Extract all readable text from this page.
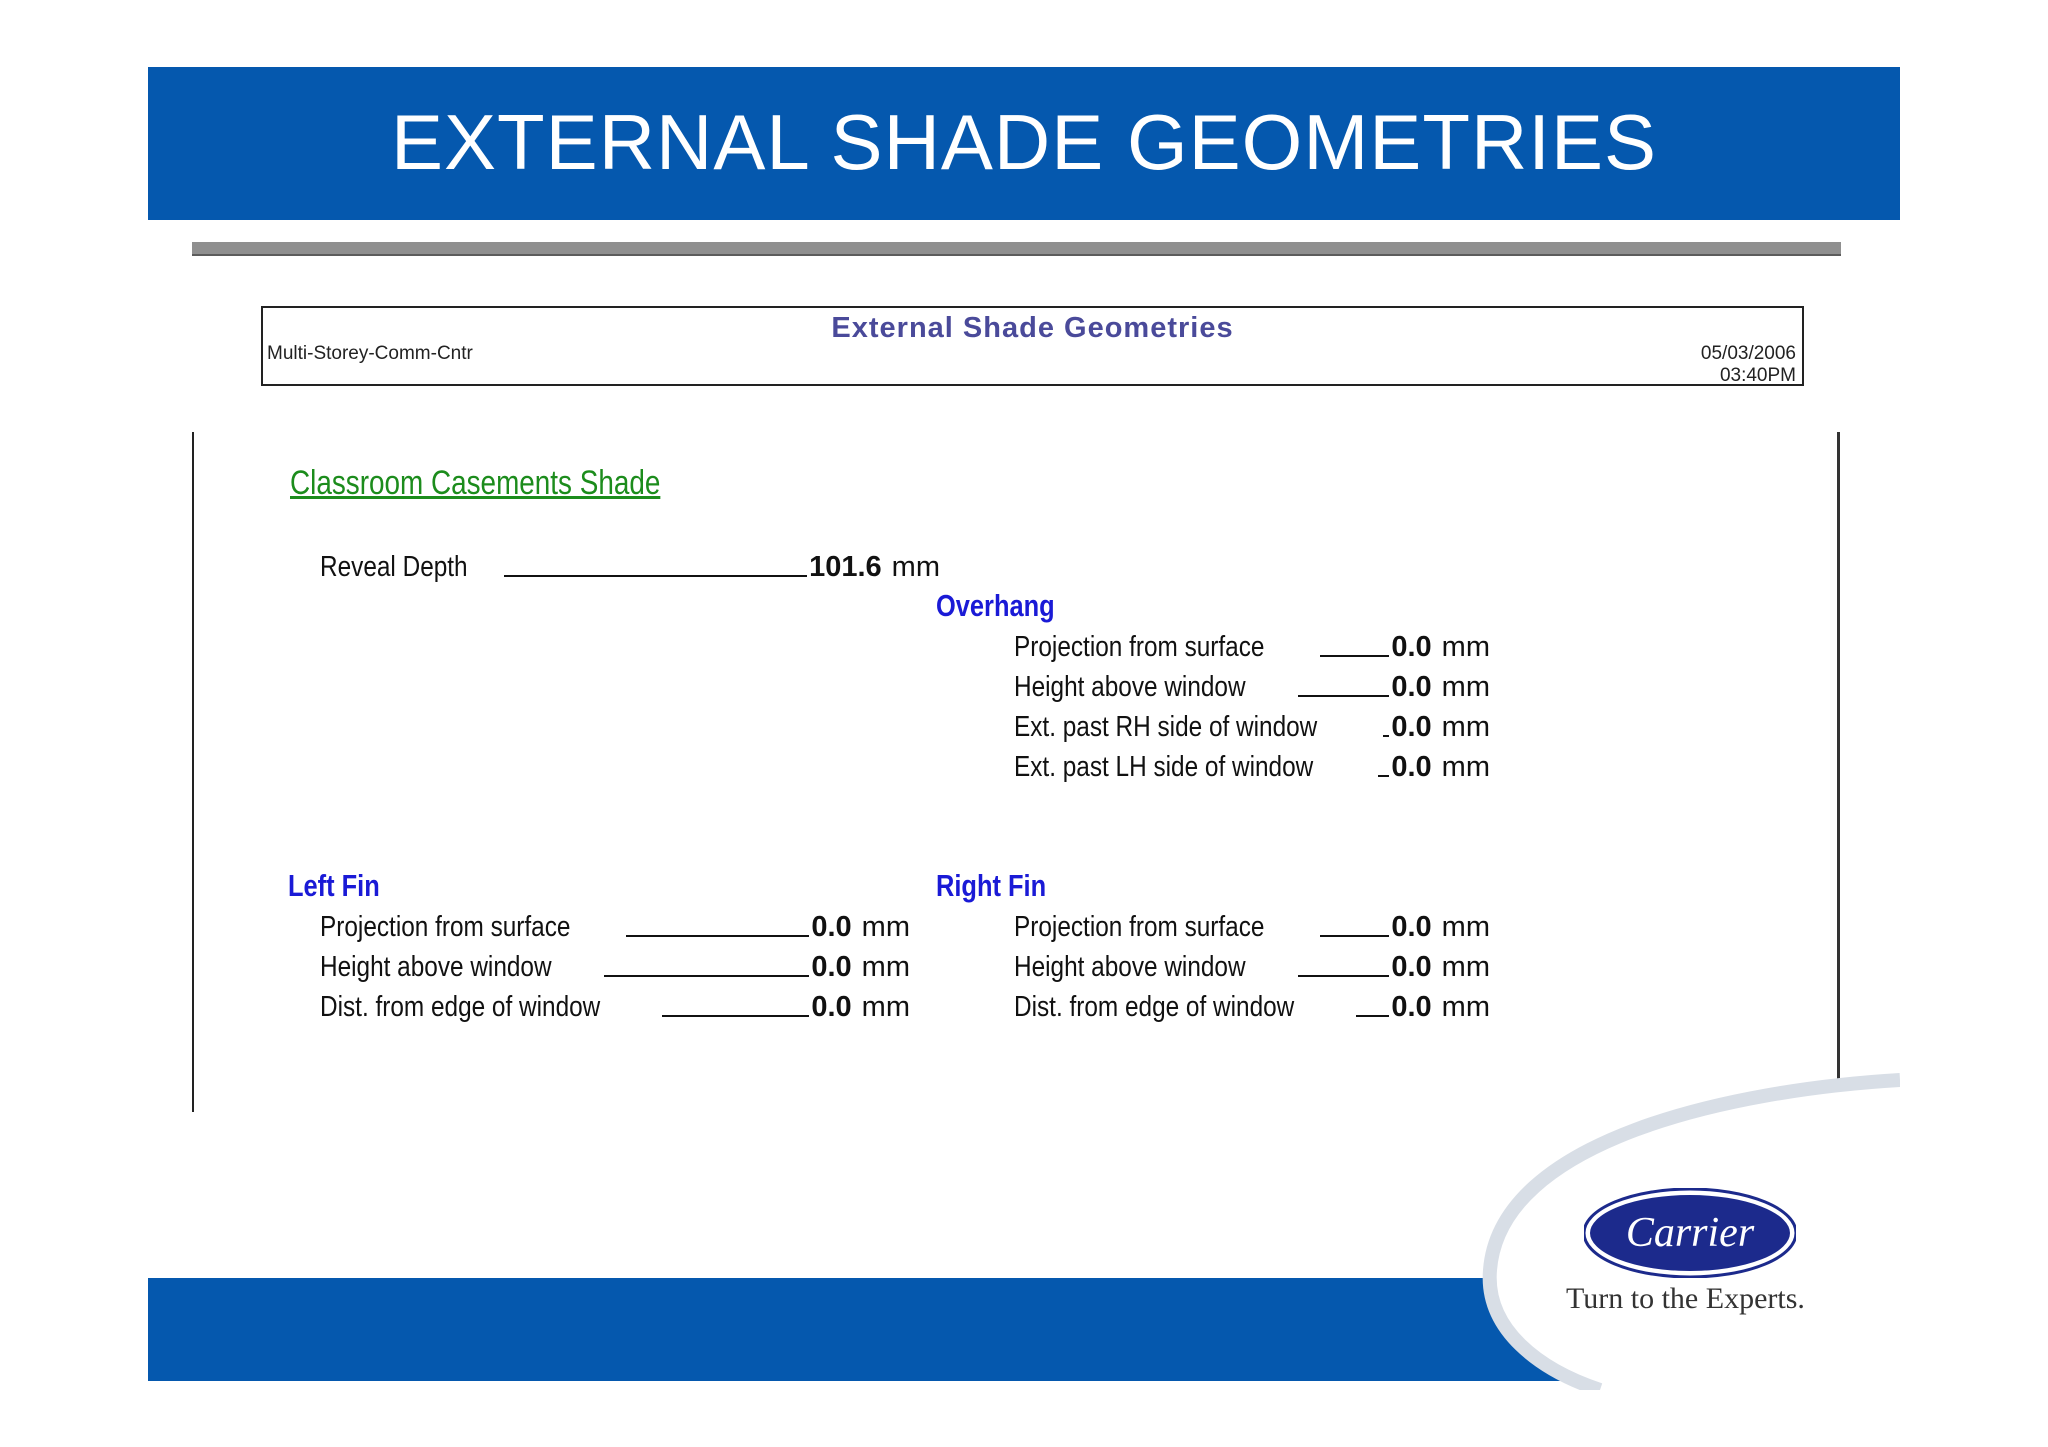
EXTERNAL SHADE GEOMETRIES
External Shade Geometries
Multi-Storey-Comm-Cntr	05/03/2006
03:40PM
Classroom Casements Shade
Reveal Depth	101.6 mm
Overhang
Projection from surface	0.0 mm
Height above window	0.0 mm
Ext. past RH side of window	0.0 mm
Ext. past LH side of window	0.0 mm
Left Fin
Projection from surface	0.0 mm
Height above window	0.0 mm
Dist. from edge of window	0.0 mm
Right Fin
Projection from surface	0.0 mm
Height above window	0.0 mm
Dist. from edge of window	0.0 mm
Carrier
Turn to the Experts.
